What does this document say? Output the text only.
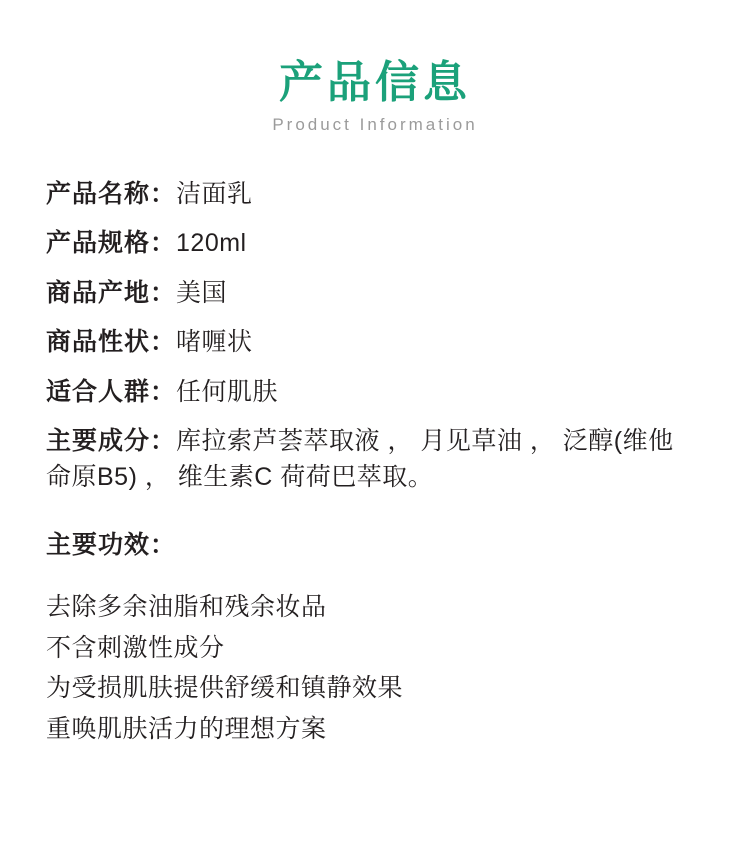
产品信息

Product Information

产品名称：洁面乳
产品规格：120ml
商品产地：美国
商品性状：啫喱状
适合人群：任何肌肤
主要成分：库拉索芦荟萃取液 ， 月见草油 ， 泛醇(维他 命原B5) ， 维生素C 荷荷巴萃取。
主要功效：
去除多余油脂和残余妆品
不含刺激性成分
为受损肌肤提供舒缓和镇静效果
重唤肌肤活力的理想方案
